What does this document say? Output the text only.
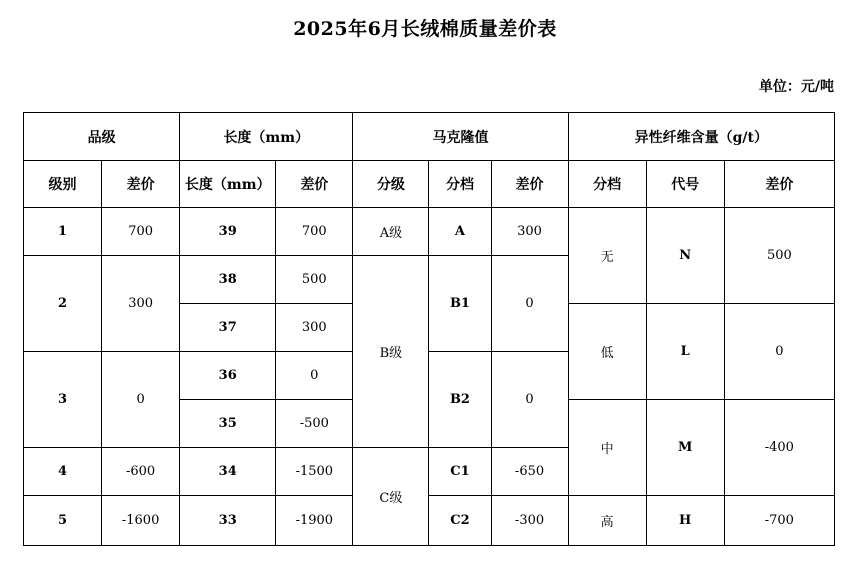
2025年6月长绒棉质量差价表
单位：元/吨
品级		长度（mm）		马克隆值			异性纤维含量（g/t）		
级别	差价	长度（mm）	差价	分级	分档	差价	分档	代号	差价
1	700	39	700	A级	A	300	无	N	500
2	300	38	500	B级	B1	0			
		37	300				低	L	0
3	0	36	0		B2	0			
		35	-500				中	M	-400
4	-600	34	-1500	C级	C1	-650			
5	-1600	33	-1900		C2	-300	高	H	-700
